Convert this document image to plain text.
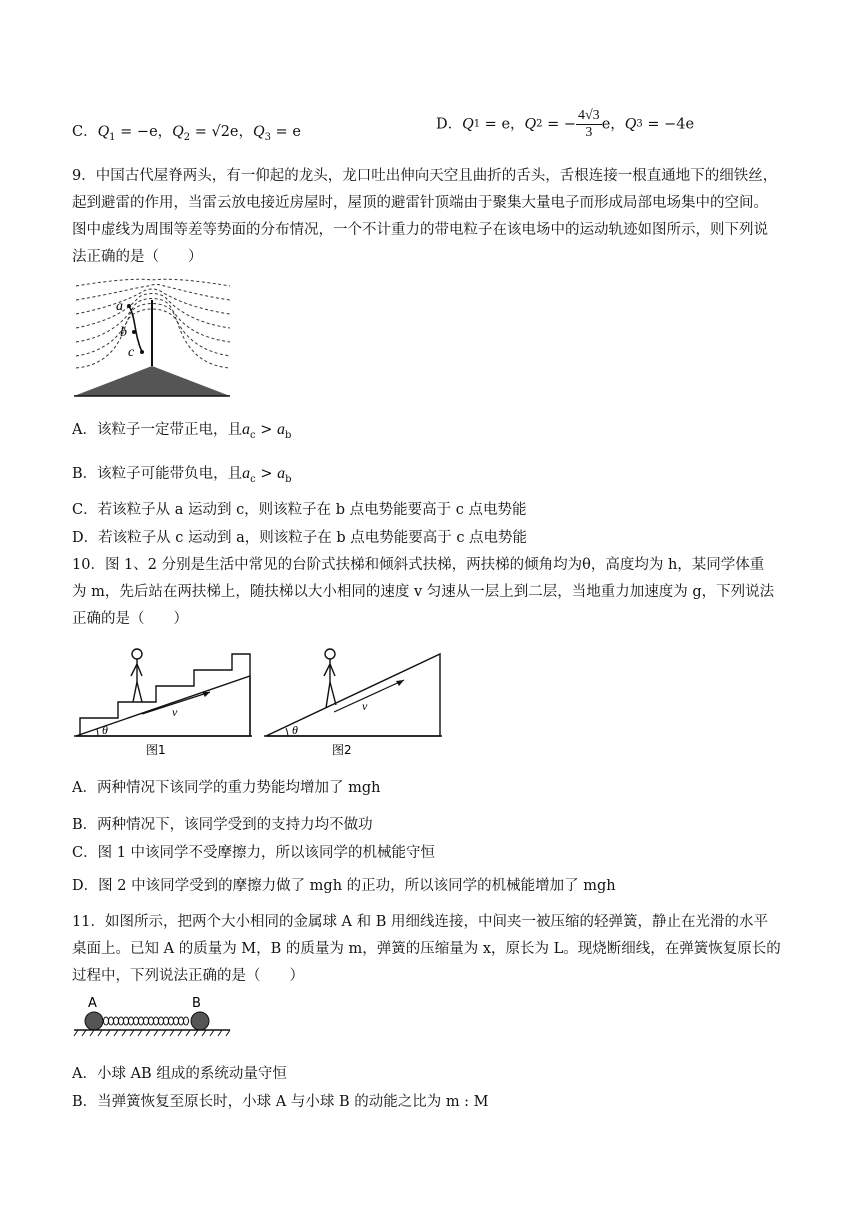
C．$Q_1 = -e$，$Q_2 = √2e$，$Q_3 = e$	D．Q1 = e，Q2 = − $\frac{4√3}{3}$ e，Q3 = −4e
9．中国古代屋脊两头，有一仰起的龙头，龙口吐出伸向天空且曲折的舌头，舌根连接一根直通地下的细铁丝，
起到避雷的作用，当雷云放电接近房屋时，屋顶的避雷针顶端由于聚集大量电子而形成局部电场集中的空间。
图中虚线为周围等差等势面的分布情况，一个不计重力的带电粒子在该电场中的运动轨迹如图所示，则下列说
法正确的是（　　）
a
b
c
A．该粒子一定带正电，且$a_c > a_b$
B．该粒子可能带负电，且$a_c > a_b$
C．若该粒子从 a 运动到 c，则该粒子在 b 点电势能要高于 c 点电势能
D．若该粒子从 c 运动到 a，则该粒子在 b 点电势能要高于 c 点电势能
10．图 1、2 分别是生活中常见的台阶式扶梯和倾斜式扶梯，两扶梯的倾角均为θ，高度均为 h，某同学体重
为 m，先后站在两扶梯上，随扶梯以大小相同的速度 v 匀速从一层上到二层，当地重力加速度为 g，下列说法
正确的是（　　）
v
θ
图1
v
θ
图2
A．两种情况下该同学的重力势能均增加了 mgh
B．两种情况下，该同学受到的支持力均不做功
C．图 1 中该同学不受摩擦力，所以该同学的机械能守恒
D．图 2 中该同学受到的摩擦力做了 mgh 的正功，所以该同学的机械能增加了 mgh
11．如图所示，把两个大小相同的金属球 A 和 B 用细线连接，中间夹一被压缩的轻弹簧，静止在光滑的水平
桌面上。已知 A 的质量为 M，B 的质量为 m，弹簧的压缩量为 x，原长为 L。现烧断细线，在弹簧恢复原长的
过程中，下列说法正确的是（　　）
A	B
A．小球 AB 组成的系统动量守恒
B．当弹簧恢复至原长时，小球 A 与小球 B 的动能之比为 m : M
